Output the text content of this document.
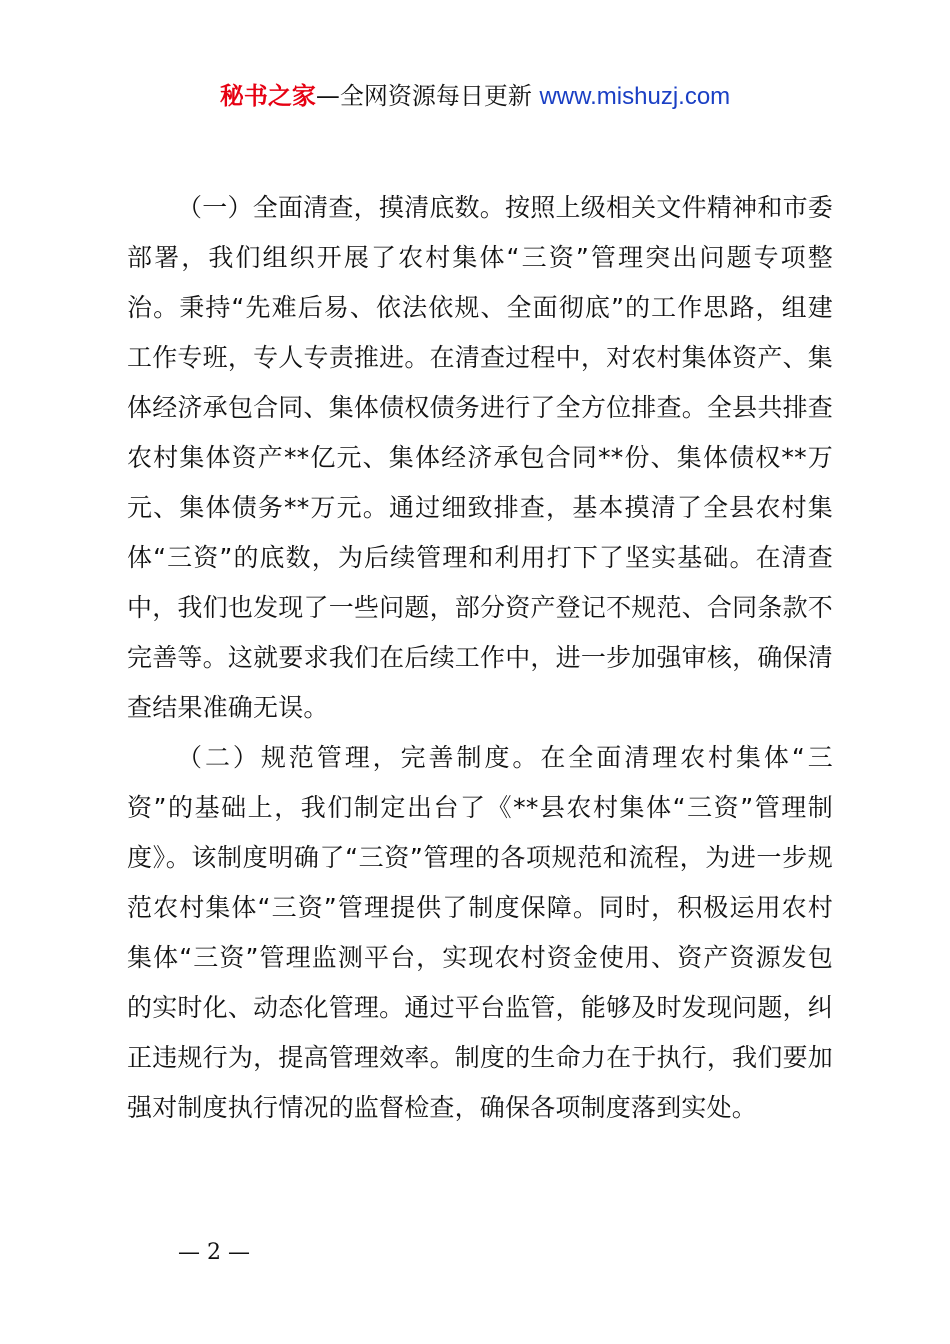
秘书之家—全网资源每日更新 www.mishuzj.com

（一）全面清查，摸清底数。按照上级相关文件精神和市委部署，我们组织开展了农村集体“三资”管理突出问题专项整治。秉持“先难后易、依法依规、全面彻底”的工作思路，组建工作专班，专人专责推进。在清查过程中，对农村集体资产、集体经济承包合同、集体债权债务进行了全方位排查。全县共排查农村集体资产**亿元、集体经济承包合同**份、集体债权**万元、集体债务**万元。通过细致排查，基本摸清了全县农村集体“三资”的底数，为后续管理和利用打下了坚实基础。在清查中，我们也发现了一些问题，部分资产登记不规范、合同条款不完善等。这就要求我们在后续工作中，进一步加强审核，确保清查结果准确无误。

（二）规范管理，完善制度。在全面清理农村集体“三资”的基础上，我们制定出台了《**县农村集体“三资”管理制度》。该制度明确了“三资”管理的各项规范和流程，为进一步规范农村集体“三资”管理提供了制度保障。同时，积极运用农村集体“三资”管理监测平台，实现农村资金使用、资产资源发包的实时化、动态化管理。通过平台监管，能够及时发现问题，纠正违规行为，提高管理效率。制度的生命力在于执行，我们要加强对制度执行情况的监督检查，确保各项制度落到实处。

— 2 —
